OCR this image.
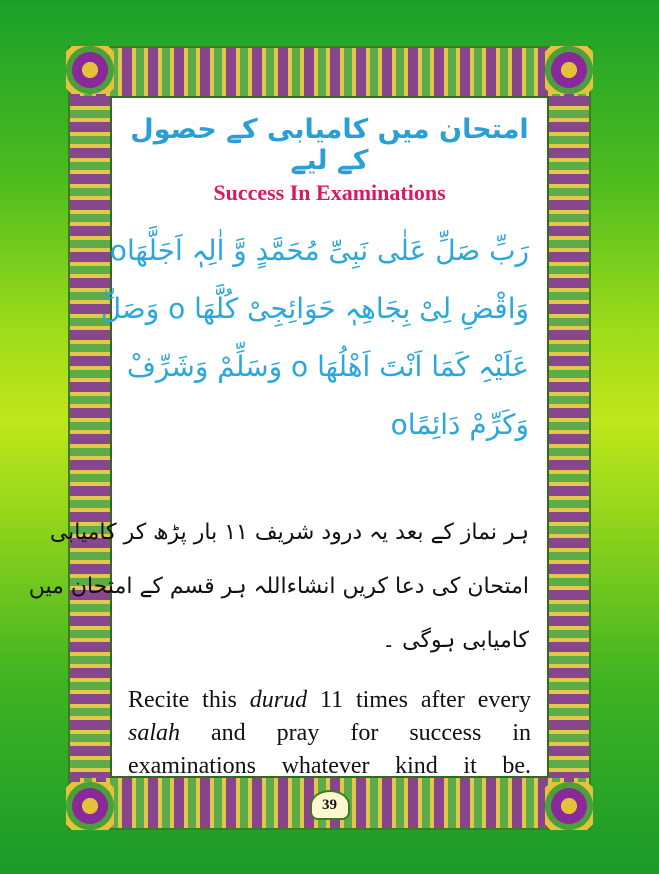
امتحان میں کامیابی کے حصول کے لیے
Success In Examinations
رَبِّ صَلِّ عَلٰی نَبِیِّ مُحَمَّدٍ وَّ اٰلِہٖ اَجَلَّھَاo
وَاقْضِ لِیْ بِجَاھِہٖ حَوَائِجِیْ کُلَّھَا o وَصَلِّ
عَلَیْہِ کَمَا اَنْتَ اَھْلُھَا o وَسَلِّمْ وَشَرِّفْ
وَکَرِّمْ دَائِمًاo
ہر نماز کے بعد یہ درود شریف ۱۱ بار پڑھ کر کامیابی
امتحان کی دعا کریں انشاءاللہ ہر قسم کے امتحان میں
کامیابی ہوگی ۔
Recite this durud 11 times after every
salah and pray for success in
examinations whatever kind it be.
39
